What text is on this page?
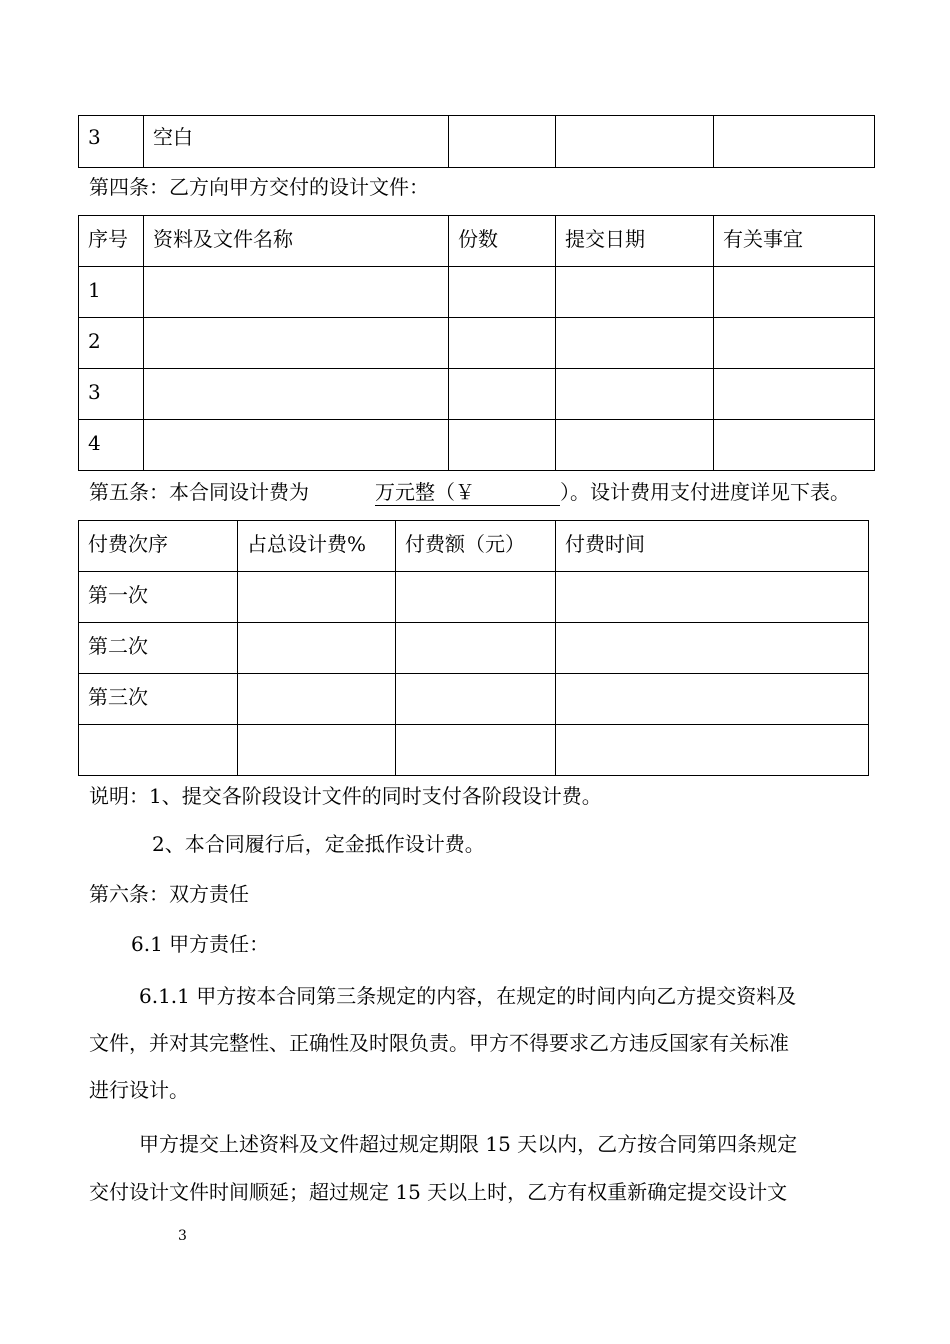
3	空白

第四条：乙方向甲方交付的设计文件：
序号	资料及文件名称	份数	提交日期	有关事宜

1				

2				

3				

4				

第五条：本合同设计费为	万元整（￥	）。设计费用支付进度详见下表。
付费次序	占总设计费%	付费额（元）	付费时间

第一次			

第二次			

第三次			

说明：1、提交各阶段设计文件的同时支付各阶段设计费。
2、本合同履行后，定金抵作设计费。
第六条：双方责任
6.1 甲方责任：
6.1.1 甲方按本合同第三条规定的内容，在规定的时间内向乙方提交资料及
文件，并对其完整性、正确性及时限负责。甲方不得要求乙方违反国家有关标准
进行设计。
甲方提交上述资料及文件超过规定期限 15 天以内，乙方按合同第四条规定
交付设计文件时间顺延；超过规定 15 天以上时，乙方有权重新确定提交设计文
3
